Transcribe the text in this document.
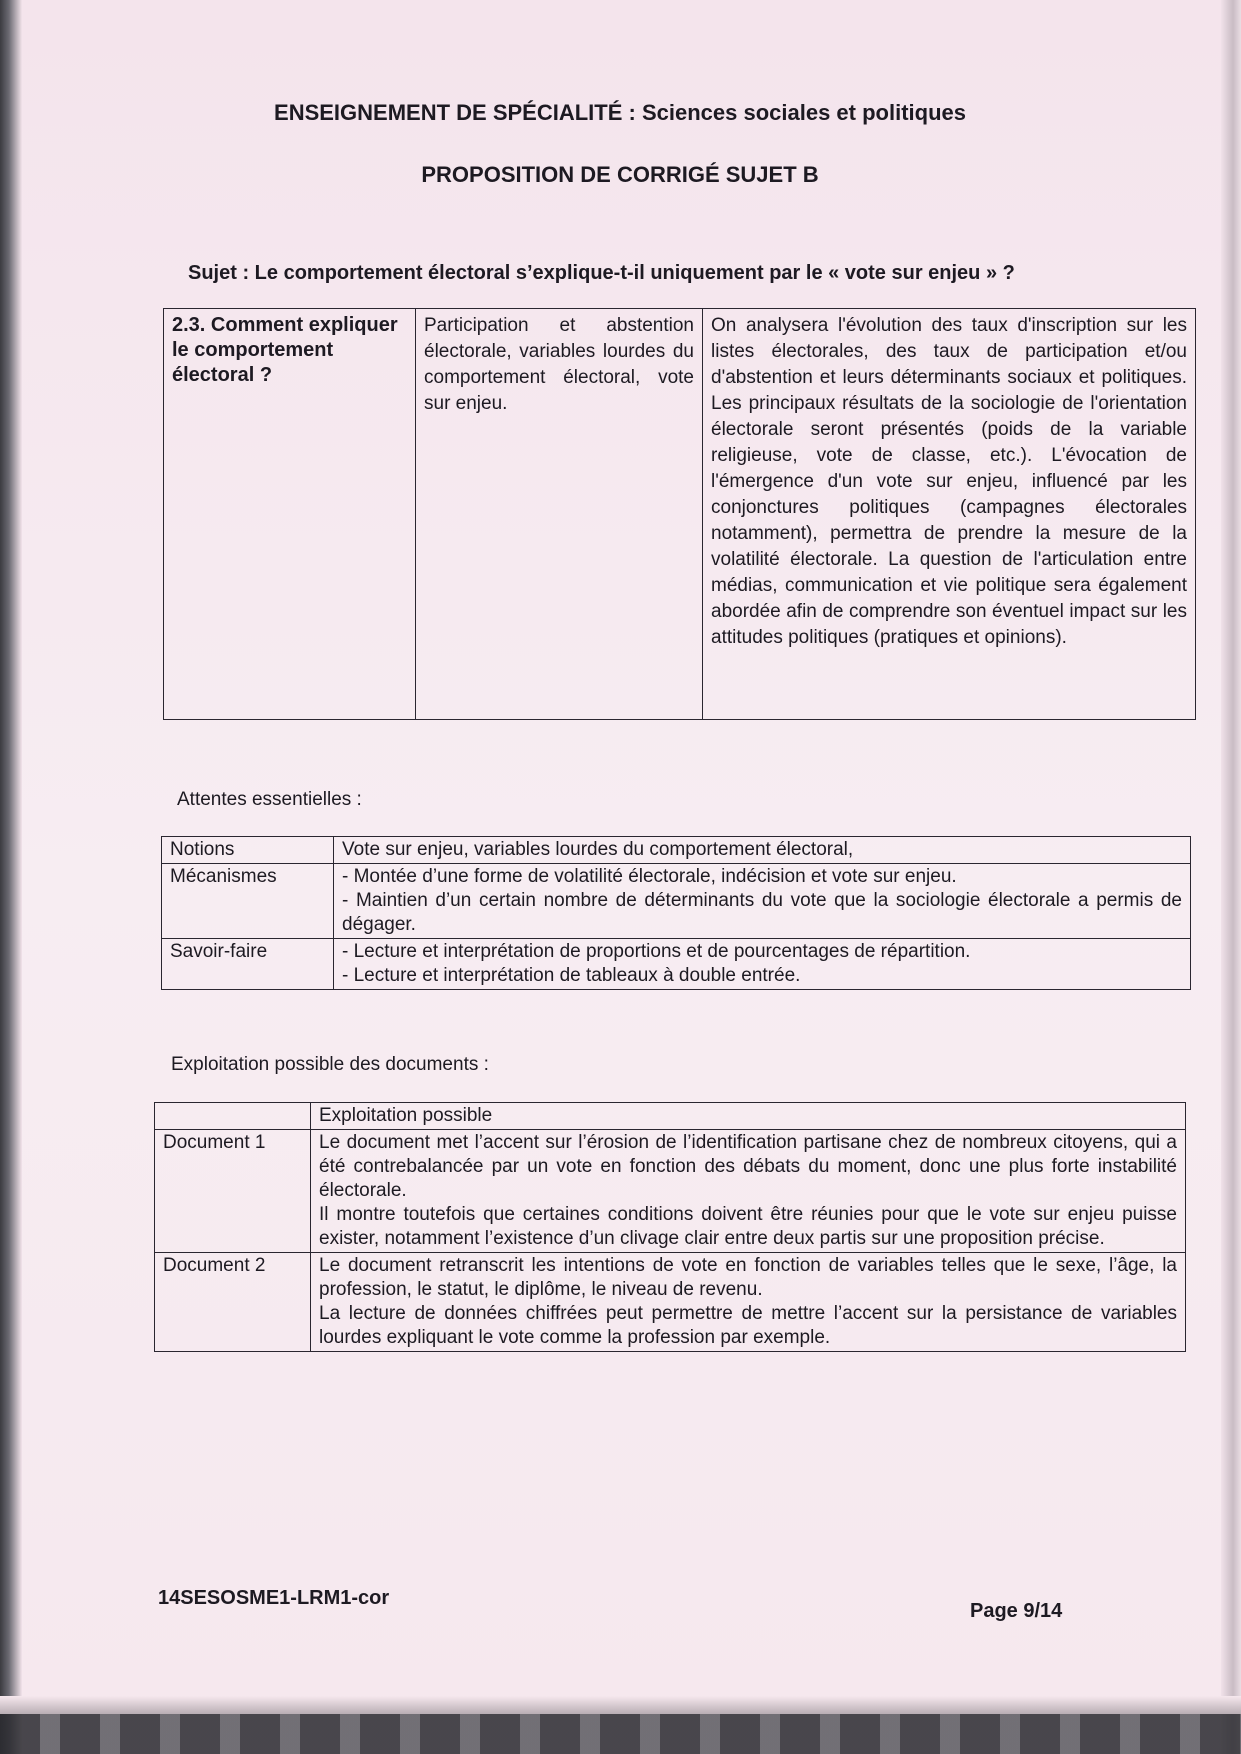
ENSEIGNEMENT DE SPÉCIALITÉ : Sciences sociales et politiques
PROPOSITION DE CORRIGÉ SUJET B
Sujet : Le comportement électoral s’explique-t-il uniquement par le « vote sur enjeu » ?
2.3. Comment expliquer le comportement électoral ?	Participation et abstention électorale, variables lourdes du comportement électoral, vote sur enjeu.	On analysera l'évolution des taux d'inscription sur les listes électorales, des taux de participation et/ou d'abstention et leurs déterminants sociaux et politiques. Les principaux résultats de la sociologie de l'orientation électorale seront présentés (poids de la variable religieuse, vote de classe, etc.). L'évocation de l'émergence d'un vote sur enjeu, influencé par les conjonctures politiques (campagnes électorales notamment), permettra de prendre la mesure de la volatilité électorale. La question de l'articulation entre médias, communication et vie politique sera également abordée afin de comprendre son éventuel impact sur les attitudes politiques (pratiques et opinions).
Attentes essentielles :
Notions	Vote sur enjeu, variables lourdes du comportement électoral,

Mécanismes	- Montée d’une forme de volatilité électorale, indécision et vote sur enjeu.
- Maintien d’un certain nombre de déterminants du vote que la sociologie électorale a permis de dégager.

Savoir-faire	- Lecture et interprétation de proportions et de pourcentages de répartition.
- Lecture et interprétation de tableaux à double entrée.
Exploitation possible des documents :
	Exploitation possible
Document 1	Le document met l’accent sur l’érosion de l’identification partisane chez de nombreux citoyens, qui a été contrebalancée par un vote en fonction des débats du moment, donc une plus forte instabilité électorale.
Il montre toutefois que certaines conditions doivent être réunies pour que le vote sur enjeu puisse exister, notamment l’existence d’un clivage clair entre deux partis sur une proposition précise.

Document 2	Le document retranscrit les intentions de vote en fonction de variables telles que le sexe, l’âge, la profession, le statut, le diplôme, le niveau de revenu.
La lecture de données chiffrées peut permettre de mettre l’accent sur la persistance de variables lourdes expliquant le vote comme la profession par exemple.
14SESOSME1-LRM1-cor
Page 9/14
